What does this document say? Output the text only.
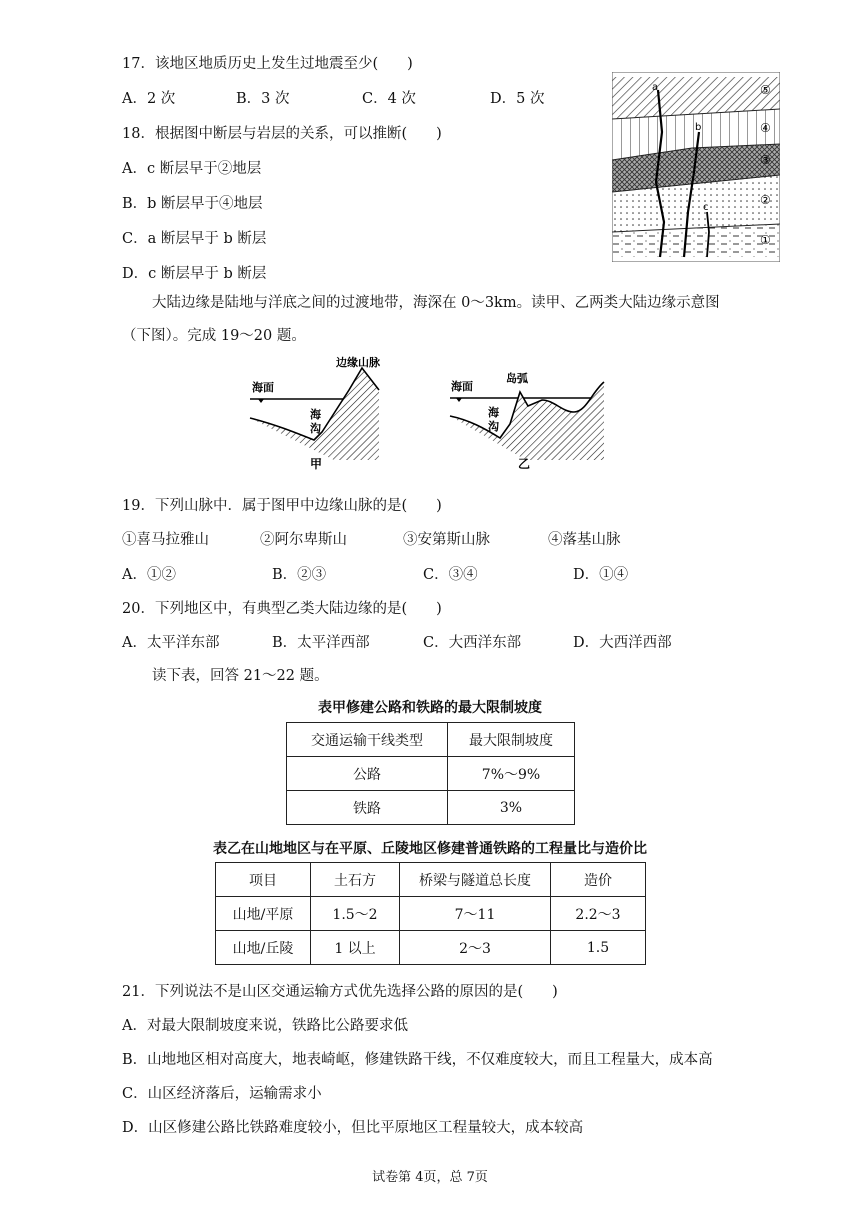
17．该地区地质历史上发生过地震至少(　　)
A．2 次	B．3 次	C．4 次	D．5 次
18．根据图中断层与岩层的关系，可以推断(　　)
A．c 断层早于②地层
B．b 断层早于④地层
C．a 断层早于 b 断层
D．c 断层早于 b 断层
a
b
c
⑤
④
③
②
①
大陆边缘是陆地与洋底之间的过渡地带，海深在 0～3km。读甲、乙两类大陆边缘示意图
（下图）。完成 19～20 题。
海面
边缘山脉
海
沟
甲
海面
岛弧
海
沟
乙
19．下列山脉中．属于图甲中边缘山脉的是(　　)
①喜马拉雅山	②阿尔卑斯山	③安第斯山脉	④落基山脉
A．①②	B．②③	C．③④	D．①④
20．下列地区中，有典型乙类大陆边缘的是(　　)
A．太平洋东部	B．太平洋西部	C．大西洋东部	D．大西洋西部
读下表，回答 21～22 题。
表甲修建公路和铁路的最大限制坡度
交通运输干线类型	最大限制坡度
公路	7%～9%
铁路	3%
表乙在山地地区与在平原、丘陵地区修建普通铁路的工程量比与造价比
项目	土石方	桥梁与隧道总长度	造价
山地/平原	1.5～2	7～11	2.2～3
山地/丘陵	1 以上	2～3	1.5
21．下列说法不是山区交通运输方式优先选择公路的原因的是(　　)
A．对最大限制坡度来说，铁路比公路要求低
B．山地地区相对高度大，地表崎岖，修建铁路干线，不仅难度较大，而且工程量大，成本高
C．山区经济落后，运输需求小
D．山区修建公路比铁路难度较小，但比平原地区工程量较大，成本较高
试卷第 4页，总 7页
